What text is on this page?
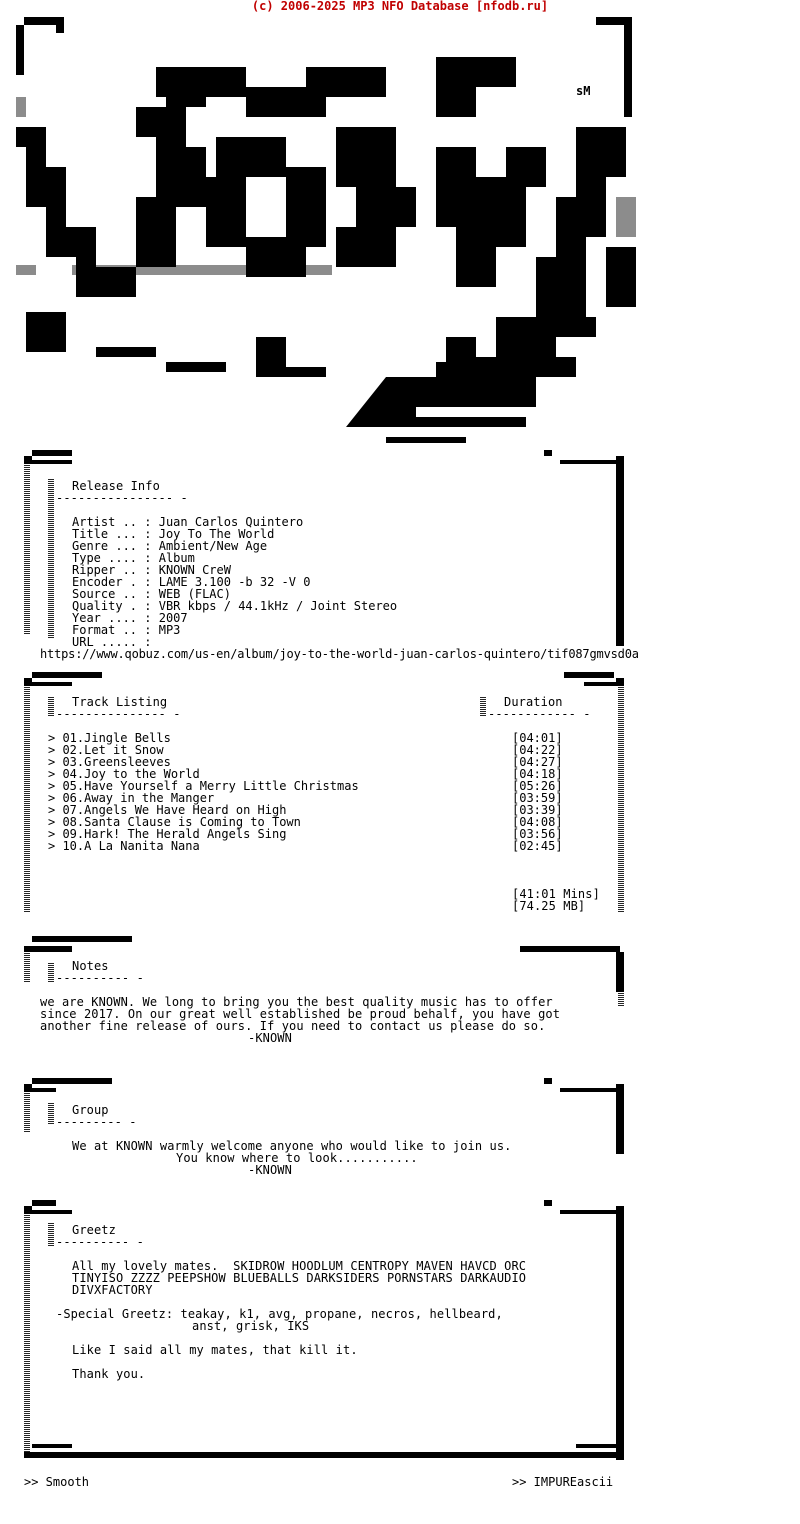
(c) 2006-2025 MP3 NFO Database [nfodb.ru]
sM
Release Info
---------------- -
Artist .. : Juan Carlos Quintero
Title ... : Joy To The World
Genre ... : Ambient/New Age
Type .... : Album
Ripper .. : KNOWN CreW
Encoder . : LAME 3.100 -b 32 -V 0
Source .. : WEB (FLAC)
Quality . : VBR kbps / 44.1kHz / Joint Stereo
Year .... : 2007
Format .. : MP3
URL ..... :
https://www.qobuz.com/us-en/album/joy-to-the-world-juan-carlos-quintero/tif087gmvsd0a
Track Listing
--------------- -
Duration
------------ -
> 01.Jingle Bells	[04:01]
> 02.Let it Snow	[04:22]
> 03.Greensleeves	[04:27]
> 04.Joy to the World	[04:18]
> 05.Have Yourself a Merry Little Christmas	[05:26]
> 06.Away in the Manger	[03:59]
> 07.Angels We Have Heard on High	[03:39]
> 08.Santa Clause is Coming to Town	[04:08]
> 09.Hark! The Herald Angels Sing	[03:56]
> 10.A La Nanita Nana	[02:45]
[41:01 Mins]
[74.25 MB]
Notes
---------- -
we are KNOWN. We long to bring you the best quality music has to offer
since 2017. On our great well established be proud behalf, you have got
another fine release of ours. If you need to contact us please do so.
-KNOWN
Group
--------- -
We at KNOWN warmly welcome anyone who would like to join us.
You know where to look...........
-KNOWN
Greetz
---------- -
All my lovely mates.  SKIDROW HOODLUM CENTROPY MAVEN HAVCD ORC
TINYISO ZZZZ PEEPSHOW BLUEBALLS DARKSIDERS PORNSTARS DARKAUDIO
DIVXFACTORY
-Special Greetz: teakay, k1, avg, propane, necros, hellbeard,
anst, grisk, IKS
Like I said all my mates, that kill it.
Thank you.
>> Smooth	>> IMPUREascii
